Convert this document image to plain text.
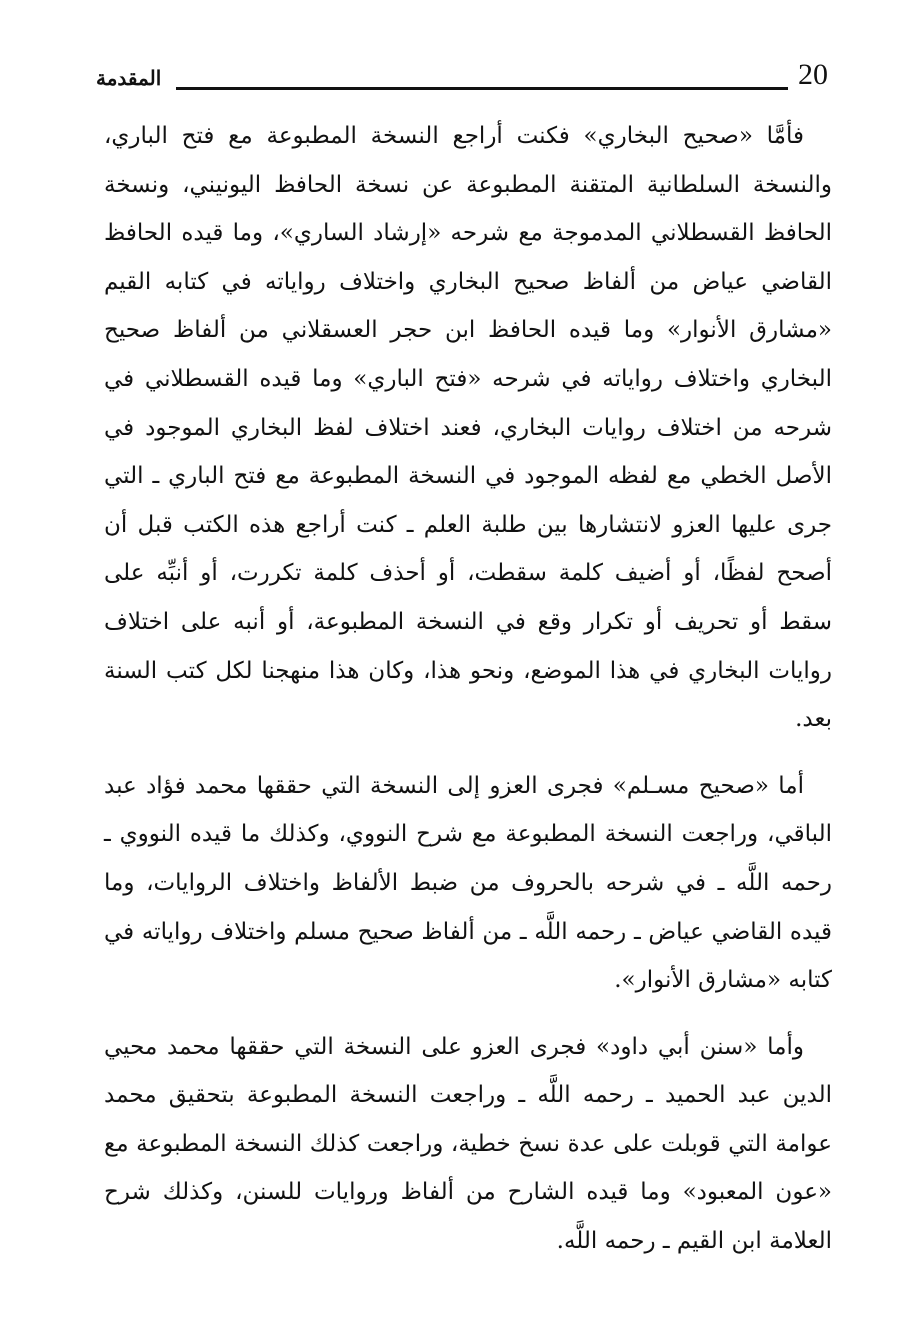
20
المقدمة

فأمَّا «صحيح البخاري» فكنت أراجع النسخة المطبوعة مع فتح الباري، والنسخة السلطانية المتقنة المطبوعة عن نسخة الحافظ اليونيني، ونسخة الحافظ القسطلاني المدموجة مع شرحه «إرشاد الساري»، وما قيده الحافظ القاضي عياض من ألفاظ صحيح البخاري واختلاف رواياته في كتابه القيم «مشارق الأنوار» وما قيده الحافظ ابن حجر العسقلاني من ألفاظ صحيح البخاري واختلاف رواياته في شرحه «فتح الباري» وما قيده القسطلاني في شرحه من اختلاف روايات البخاري، فعند اختلاف لفظ البخاري الموجود في الأصل الخطي مع لفظه الموجود في النسخة المطبوعة مع فتح الباري ـ التي جرى عليها العزو لانتشارها بين طلبة العلم ـ كنت أراجع هذه الكتب قبل أن أصحح لفظًا، أو أضيف كلمة سقطت، أو أحذف كلمة تكررت، أو أنبِّه على سقط أو تحريف أو تكرار وقع في النسخة المطبوعة، أو أنبه على اختلاف روايات البخاري في هذا الموضع، ونحو هذا، وكان هذا منهجنا لكل كتب السنة بعد.

أما «صحيح مسـلم» فجرى العزو إلى النسخة التي حققها محمد فؤاد عبد الباقي، وراجعت النسخة المطبوعة مع شرح النووي، وكذلك ما قيده النووي ـ رحمه اللَّه ـ في شرحه بالحروف من ضبط الألفاظ واختلاف الروايات، وما قيده القاضي عياض ـ رحمه اللَّه ـ من ألفاظ صحيح مسلم واختلاف رواياته في كتابه «مشارق الأنوار».

وأما «سنن أبي داود» فجرى العزو على النسخة التي حققها محمد محيي الدين عبد الحميد ـ رحمه اللَّه ـ وراجعت النسخة المطبوعة بتحقيق محمد عوامة التي قوبلت على عدة نسخ خطية، وراجعت كذلك النسخة المطبوعة مع «عون المعبود» وما قيده الشارح من ألفاظ وروايات للسنن، وكذلك شرح العلامة ابن القيم ـ رحمه اللَّه.
